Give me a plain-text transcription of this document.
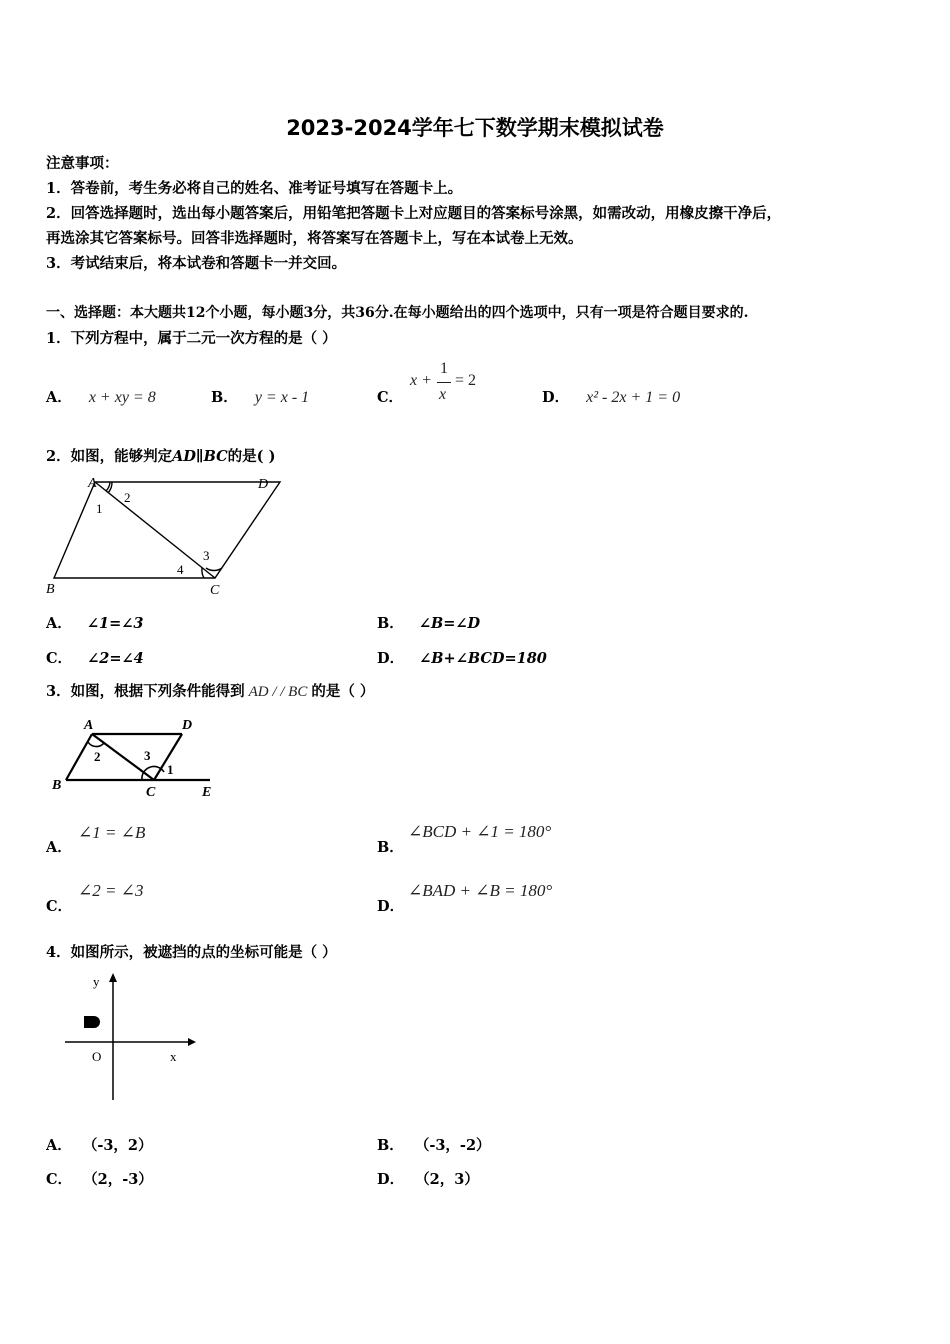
2023-2024学年七下数学期末模拟试卷
注意事项：
1．答卷前，考生务必将自己的姓名、准考证号填写在答题卡上。
2．回答选择题时，选出每小题答案后，用铅笔把答题卡上对应题目的答案标号涂黑，如需改动，用橡皮擦干净后，
再选涂其它答案标号。回答非选择题时，将答案写在答题卡上，写在本试卷上无效。
3．考试结束后，将本试卷和答题卡一并交回。
一、选择题：本大题共12个小题，每小题3分，共36分.在每小题给出的四个选项中，只有一项是符合题目要求的.
1．下列方程中，属于二元一次方程的是（ ）
A． x + xy = 8	B． y = x - 1	C．
x +
1
x
= 2
D． x² - 2x + 1 = 0
2．如图，能够判定AD∥BC的是( )
A	D
B	C
1
2
3
4
A． ∠1=∠3	B． ∠B=∠D
C． ∠2=∠4	D． ∠B+∠BCD=180
3．如图，根据下列条件能得到 AD / / BC 的是（ ）
A	D
B	C	E
2	3
1
A．
∠1 = ∠B
B．
∠BCD + ∠1 = 180°
C．
∠2 = ∠3
D．
∠BAD + ∠B = 180°
4．如图所示，被遮挡的点的坐标可能是（ ）
y
x
O
A． （-3，2）	B． （-3，-2）
C． （2，-3）	D． （2，3）
